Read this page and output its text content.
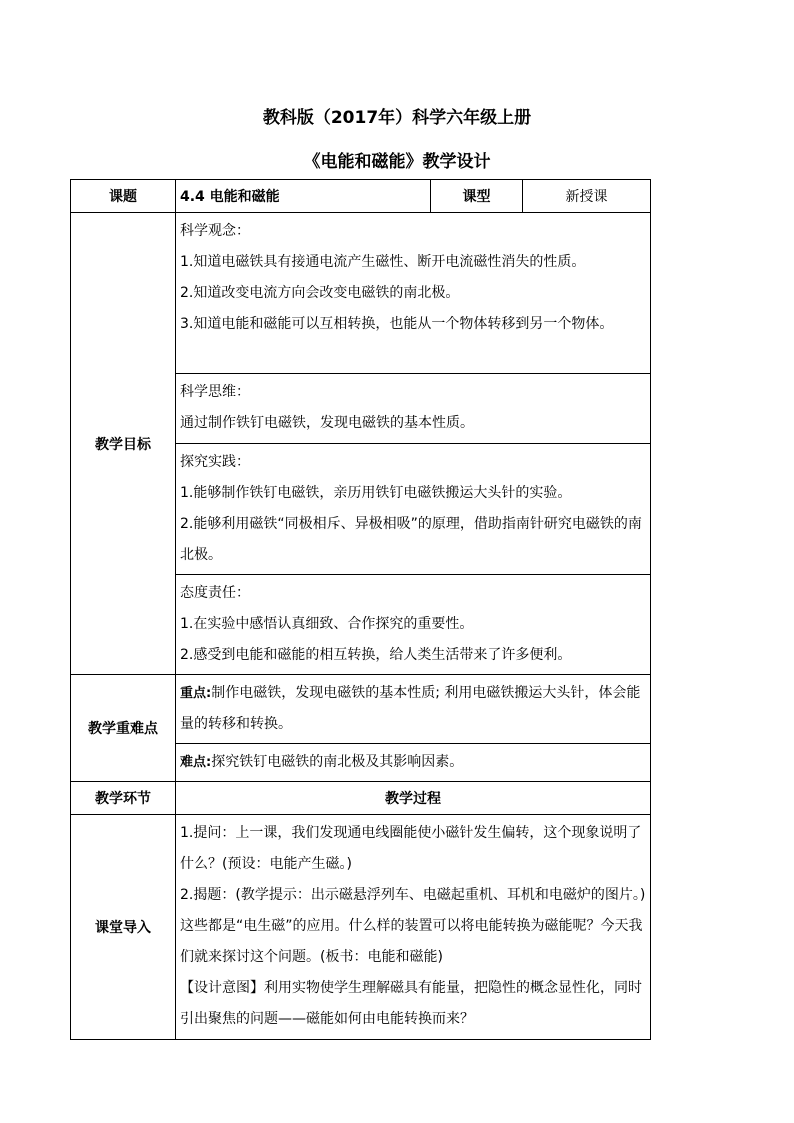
教科版（2017年）科学六年级上册
《电能和磁能》教学设计
课题	4.4 电能和磁能	课型	新授课
教学目标	科学观念：
1.知道电磁铁具有接通电流产生磁性、断开电流磁性消失的性质。
2.知道改变电流方向会改变电磁铁的南北极。
3.知道电能和磁能可以互相转换，也能从一个物体转移到另一个物体。		

	科学思维：
通过制作铁钉电磁铁，发现电磁铁的基本性质。		

	探究实践：
1.能够制作铁钉电磁铁，亲历用铁钉电磁铁搬运大头针的实验。
2.能够利用磁铁“同极相斥、异极相吸”的原理，借助指南针研究电磁铁的南北极。		

	态度责任：
1.在实验中感悟认真细致、合作探究的重要性。
2.感受到电能和磁能的相互转换，给人类生活带来了许多便利。		

教学重难点	重点:制作电磁铁，发现电磁铁的基本性质; 利用电磁铁搬运大头针，体会能量的转移和转换。		
	难点:探究铁钉电磁铁的南北极及其影响因素。		
教学环节	教学过程		
课堂导入	1.提问：上一课，我们发现通电线圈能使小磁针发生偏转，这个现象说明了什么？(预设：电能产生磁。)
2.揭题：(教学提示：出示磁悬浮列车、电磁起重机、耳机和电磁炉的图片。)这些都是“电生磁”的应用。什么样的装置可以将电能转换为磁能呢？今天我们就来探讨这个问题。(板书：电能和磁能)
【设计意图】利用实物使学生理解磁具有能量，把隐性的概念显性化，同时引出聚焦的问题——磁能如何由电能转换而来？		
